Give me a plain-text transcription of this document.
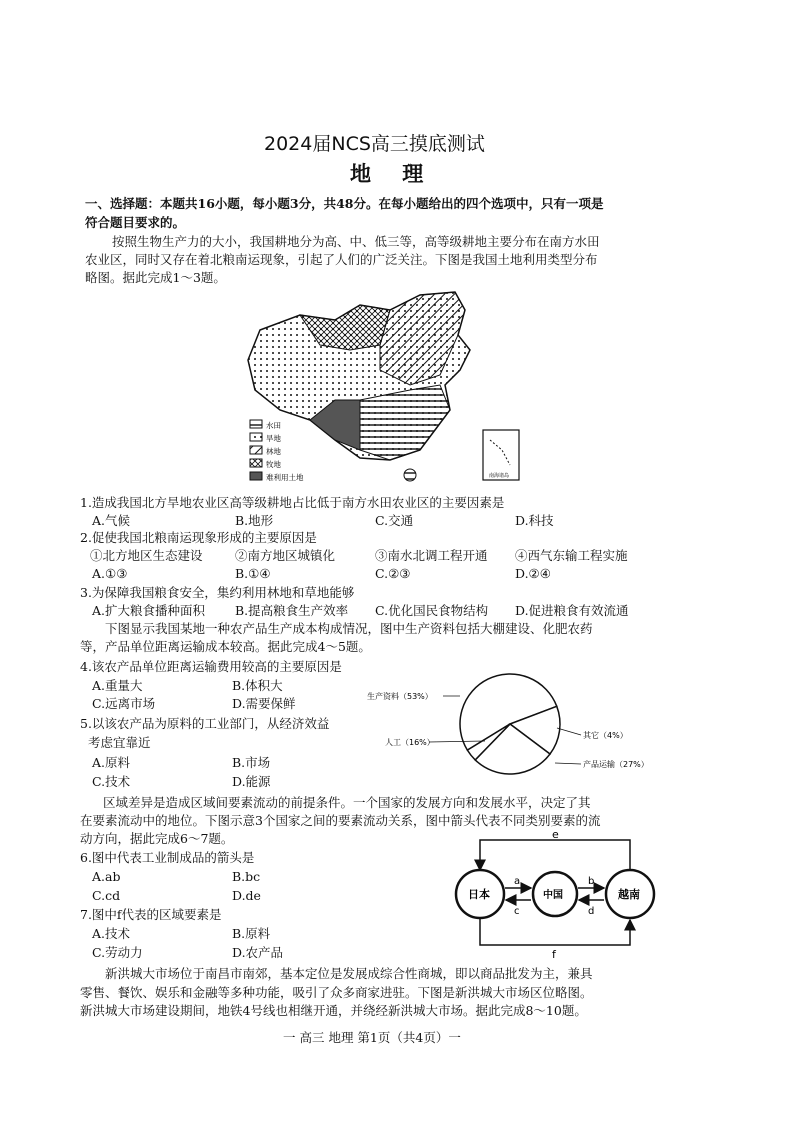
2024届NCS高三摸底测试
地 理
一、选择题：本题共16小题，每小题3分，共48分。在每小题给出的四个选项中，只有一项是
符合题目要求的。
按照生物生产力的大小，我国耕地分为高、中、低三等，高等级耕地主要分布在南方水田
农业区，同时又存在着北粮南运现象，引起了人们的广泛关注。下图是我国土地利用类型分布
略图。据此完成1～3题。
水田
旱地
林地
牧地
难利用土地	南海诸岛
1.造成我国北方旱地农业区高等级耕地占比低于南方水田农业区的主要因素是
A.气候	B.地形	C.交通	D.科技
2.促使我国北粮南运现象形成的主要原因是
①北方地区生态建设	②南方地区城镇化	③南水北调工程开通 ④西气东输工程实施
A.①③	B.①④	C.②③	D.②④
3.为保障我国粮食安全，集约利用林地和草地能够
A.扩大粮食播种面积 B.提高粮食生产效率 C.优化国民食物结构 D.促进粮食有效流通
下图显示我国某地一种农产品生产成本构成情况，图中生产资料包括大棚建设、化肥农药
等，产品单位距离运输成本较高。据此完成4～5题。
4.该农产品单位距离运输费用较高的主要原因是
A.重量大	B.体积大
C.远离市场	D.需要保鲜
5.以该农产品为原料的工业部门，从经济效益
考虑宜靠近
A.原料	B.市场
C.技术	D.能源
生产资料（53%）
人工（16%）
产品运输（27%）
其它（4%）
区域差异是造成区域间要素流动的前提条件。一个国家的发展方向和发展水平，决定了其
在要素流动中的地位。下图示意3个国家之间的要素流动关系，图中箭头代表不同类别要素的流
动方向，据此完成6～7题。
6.图中代表工业制成品的箭头是
A.ab	B.bc
C.cd	D.de
7.图中f代表的区域要素是
A.技术	B.原料
C.劳动力	D.农产品
e
f
日本	中国	越南
a
c
b
d
新洪城大市场位于南昌市南郊，基本定位是发展成综合性商城，即以商品批发为主，兼具
零售、餐饮、娱乐和金融等多种功能，吸引了众多商家进驻。下图是新洪城大市场区位略图。
新洪城大市场建设期间，地铁4号线也相继开通，并绕经新洪城大市场。据此完成8～10题。
一 高三 地理 第1页（共4页）一
